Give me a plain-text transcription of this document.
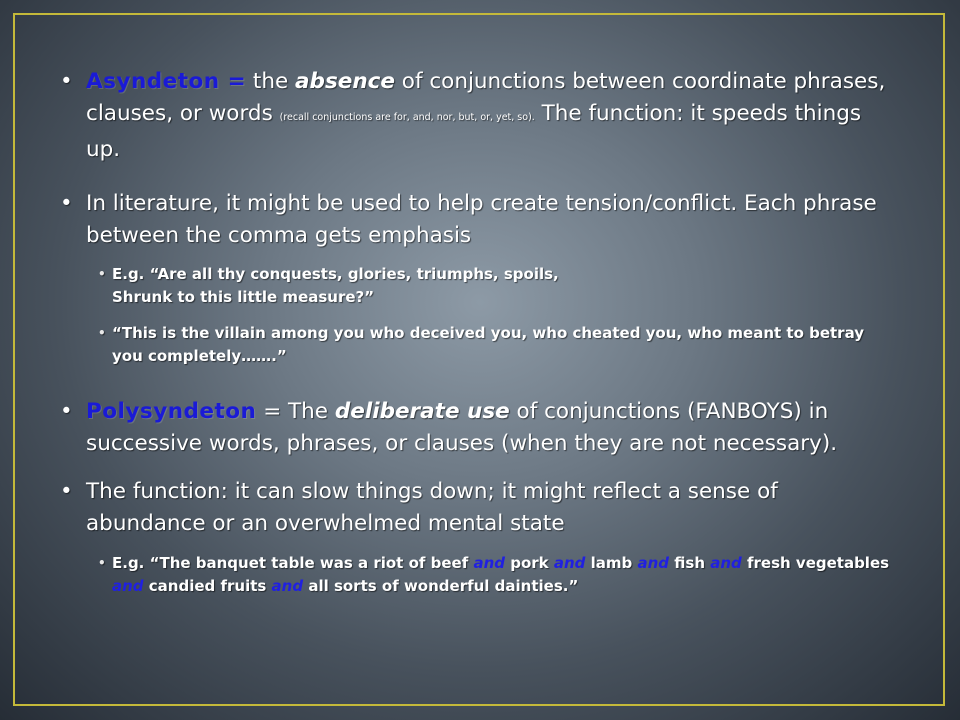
• Asyndeton = the absence of conjunctions between coordinate phrases, clauses, or words (recall conjunctions are for, and, nor, but, or, yet, so). The function: it speeds things up.

• In literature, it might be used to help create tension/conflict. Each phrase between the comma gets emphasis

• E.g. “Are all thy conquests, glories, triumphs, spoils,
Shrunk to this little measure?”

• “This is the villain among you who deceived you, who cheated you, who meant to betray you completely…….”

• Polysyndeton = The deliberate use of conjunctions (FANBOYS) in successive words, phrases, or clauses (when they are not necessary).

• The function: it can slow things down; it might reflect a sense of abundance or an overwhelmed mental state

• E.g. “The banquet table was a riot of beef and pork and lamb and fish and fresh vegetables and candied fruits and all sorts of wonderful dainties.”
